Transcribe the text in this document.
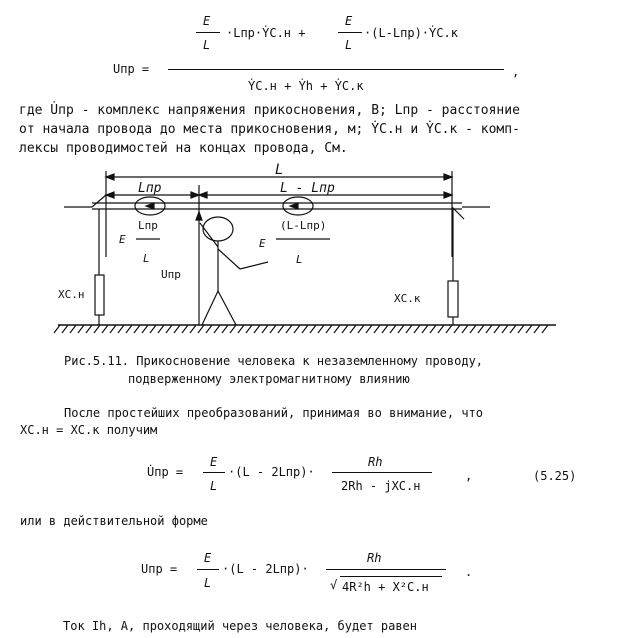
E
L
·Lпр·ẎС.н +
E
L
·(L-Lпр)·ẎС.к
Uпр =	,
ẎС.н + Ẏh + ẎС.к
где U̇пр - комплекс напряжения прикосновения, В; Lпр - расстояние
от начала провода до места прикосновения, м; ẎС.н и ẎС.к - комп-
лексы проводимостей на концах провода, См.
L
Lпр	L - Lпр
Lпр
E
L
(L-Lпр)
E
L
Uпр
XС.н	XС.к
Рис.5.11. Прикосновение человека к незаземленному проводу,
подверженному электромагнитному влиянию
После простейших преобразований, принимая во внимание, что
XС.н = XС.к получим
U̇пр =
E
L
·(L - 2Lпр)·
Rh
2Rh - jXС.н
,	(5.25)
или в действительной форме
Uпр =
E
L
·(L - 2Lпр)·
Rh
√ 4R²h + X²С.н
.
Ток Ih, А, проходящий через человека, будет равен
